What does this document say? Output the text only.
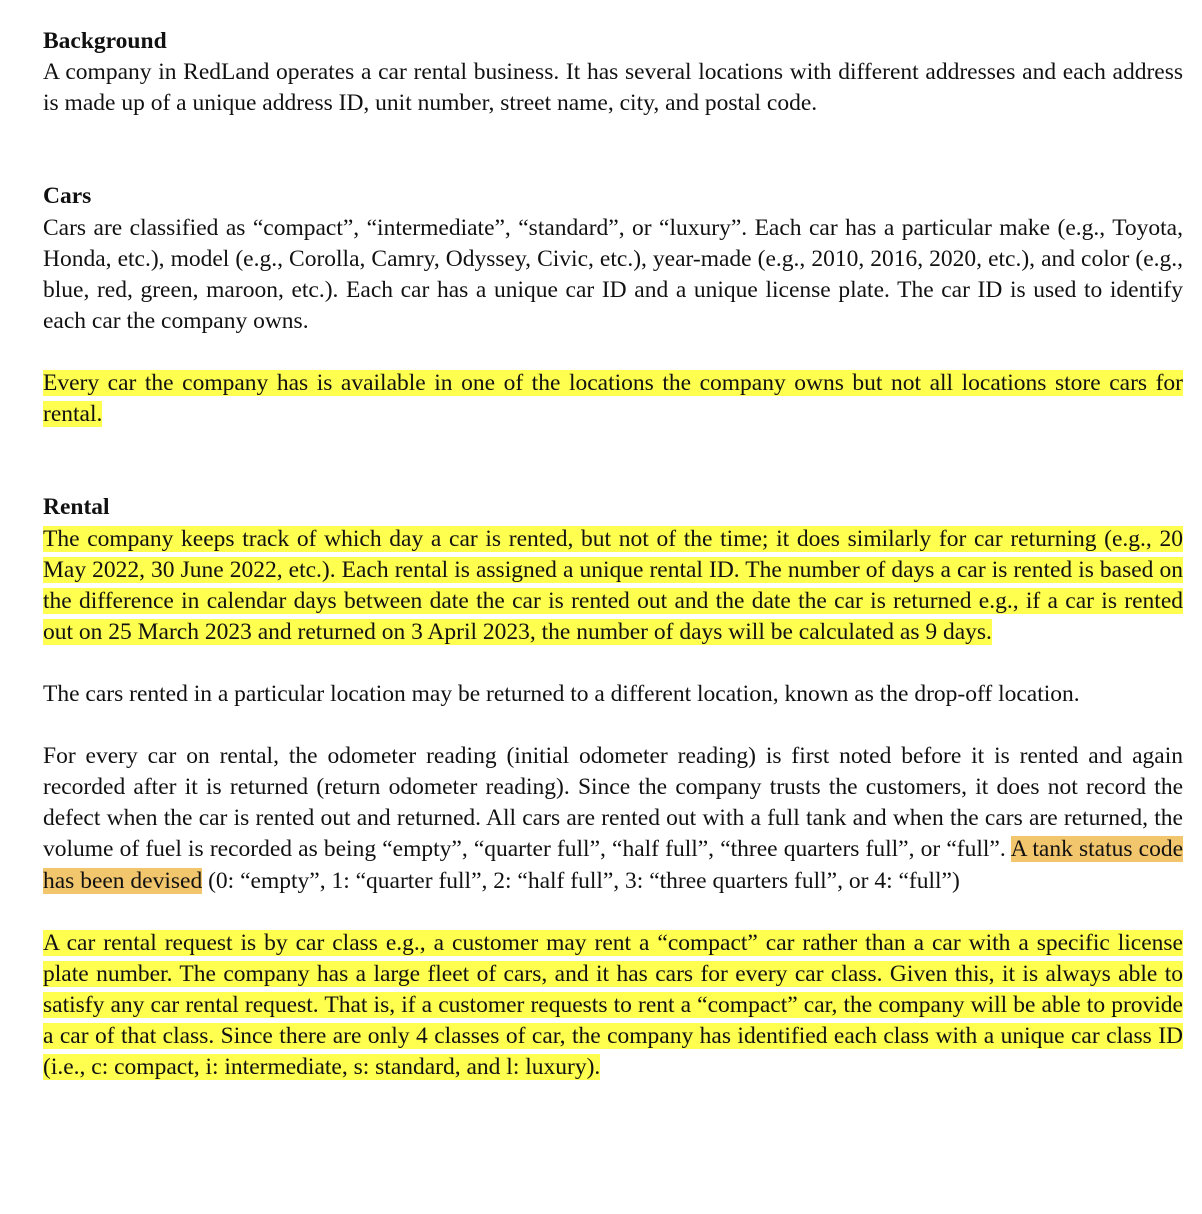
Background

A company in RedLand operates a car rental business. It has several locations with different addresses and each address is made up of a unique address ID, unit number, street name, city, and postal code.

Cars

Cars are classified as “compact”, “intermediate”, “standard”, or “luxury”. Each car has a particular make (e.g., Toyota, Honda, etc.), model (e.g., Corolla, Camry, Odyssey, Civic, etc.), year-made (e.g., 2010, 2016, 2020, etc.), and color (e.g., blue, red, green, maroon, etc.). Each car has a unique car ID and a unique license plate. The car ID is used to identify each car the company owns.

Every car the company has is available in one of the locations the company owns but not all locations store cars for rental.

Rental

The company keeps track of which day a car is rented, but not of the time; it does similarly for car returning (e.g., 20 May 2022, 30 June 2022, etc.). Each rental is assigned a unique rental ID. The number of days a car is rented is based on the difference in calendar days between date the car is rented out and the date the car is returned e.g., if a car is rented out on 25 March 2023 and returned on 3 April 2023, the number of days will be calculated as 9 days.

The cars rented in a particular location may be returned to a different location, known as the drop-off location.

For every car on rental, the odometer reading (initial odometer reading) is first noted before it is rented and again recorded after it is returned (return odometer reading). Since the company trusts the customers, it does not record the defect when the car is rented out and returned. All cars are rented out with a full tank and when the cars are returned, the volume of fuel is recorded as being “empty”, “quarter full”, “half full”, “three quarters full”, or “full”. A tank status code has been devised (0: “empty”, 1: “quarter full”, 2: “half full”, 3: “three quarters full”, or 4: “full”)

A car rental request is by car class e.g., a customer may rent a “compact” car rather than a car with a specific license plate number. The company has a large fleet of cars, and it has cars for every car class. Given this, it is always able to satisfy any car rental request. That is, if a customer requests to rent a “compact” car, the company will be able to provide a car of that class. Since there are only 4 classes of car, the company has identified each class with a unique car class ID (i.e., c: compact, i: intermediate, s: standard, and l: luxury).
